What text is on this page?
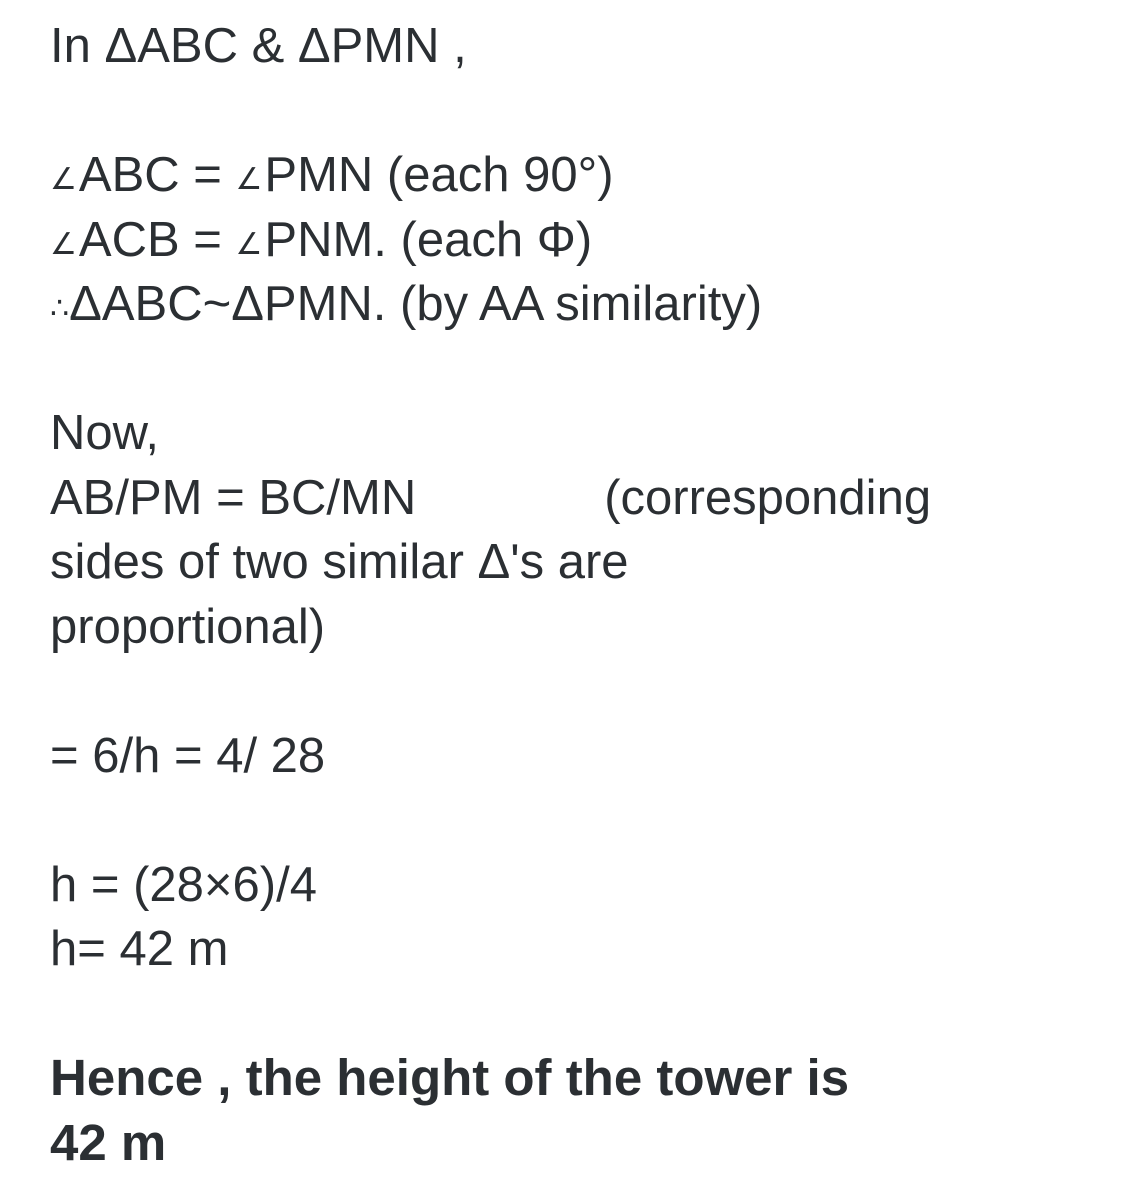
In ΔABC & ΔPMN ,
∠ABC = ∠PMN (each 90°)
∠ACB = ∠PNM. (each Φ)
∴ΔABC~ΔPMN. (by AA similarity)
Now,
AB/PM = BC/MN	(corresponding
sides of two similar Δ's are
proportional)
= 6/h = 4/ 28
h = (28×6)/4
h= 42 m
Hence , the height of the tower is
42 m
